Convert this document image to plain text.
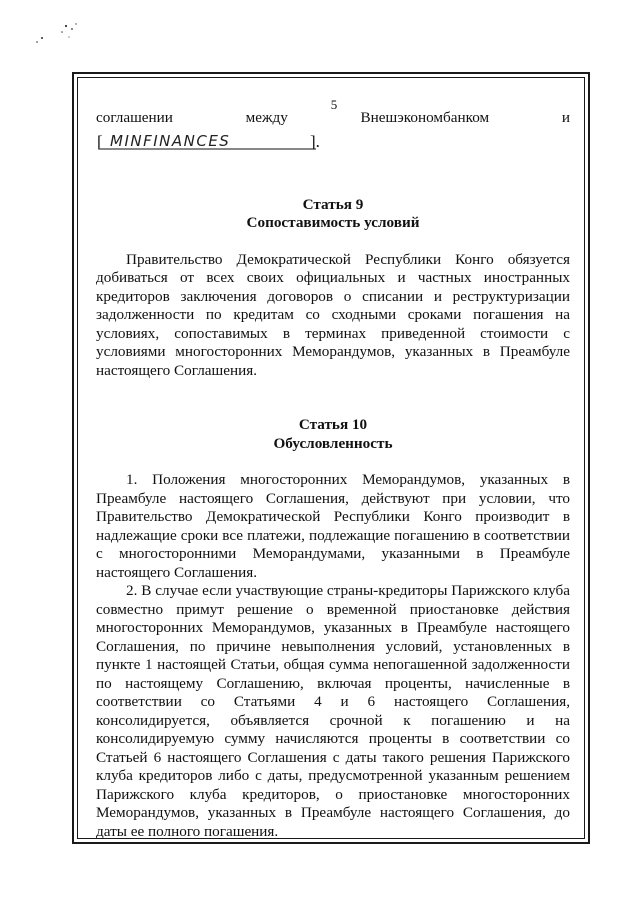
5
соглашении	между	Внешэкономбанком	и
[ MINFINANCES	].
Статья 9
Сопоставимость условий

Правительство Демократической Республики Конго обязуется добиваться от всех своих официальных и частных иностранных кредиторов заключения договоров о списании и реструктуризации задолженности по кредитам со сходными сроками погашения на условиях, сопоставимых в терминах приведенной стоимости с условиями многосторонних Меморандумов, указанных в Преамбуле настоящего Соглашения.

Статья 10
Обусловленность

1. Положения многосторонних Меморандумов, указанных в Преамбуле настоящего Соглашения, действуют при условии, что Правительство Демократической Республики Конго производит в надлежащие сроки все платежи, подлежащие погашению в соответствии с многосторонними Меморандумами, указанными в Преамбуле настоящего Соглашения.

2. В случае если участвующие страны-кредиторы Парижского клуба совместно примут решение о временной приостановке действия многосторонних Меморандумов, указанных в Преамбуле настоящего Соглашения, по причине невыполнения условий, установленных в пункте 1 настоящей Статьи, общая сумма непогашенной задолженности по настоящему Соглашению, включая проценты, начисленные в соответствии со Статьями 4 и 6 настоящего Соглашения, консолидируется, объявляется срочной к погашению и на консолидируемую сумму начисляются проценты в соответствии со Статьей 6 настоящего Соглашения с даты такого решения Парижского клуба кредиторов либо с даты, предусмотренной указанным решением Парижского клуба кредиторов, о приостановке многосторонних Меморандумов, указанных в Преамбуле настоящего Соглашения, до даты ее полного погашения.
